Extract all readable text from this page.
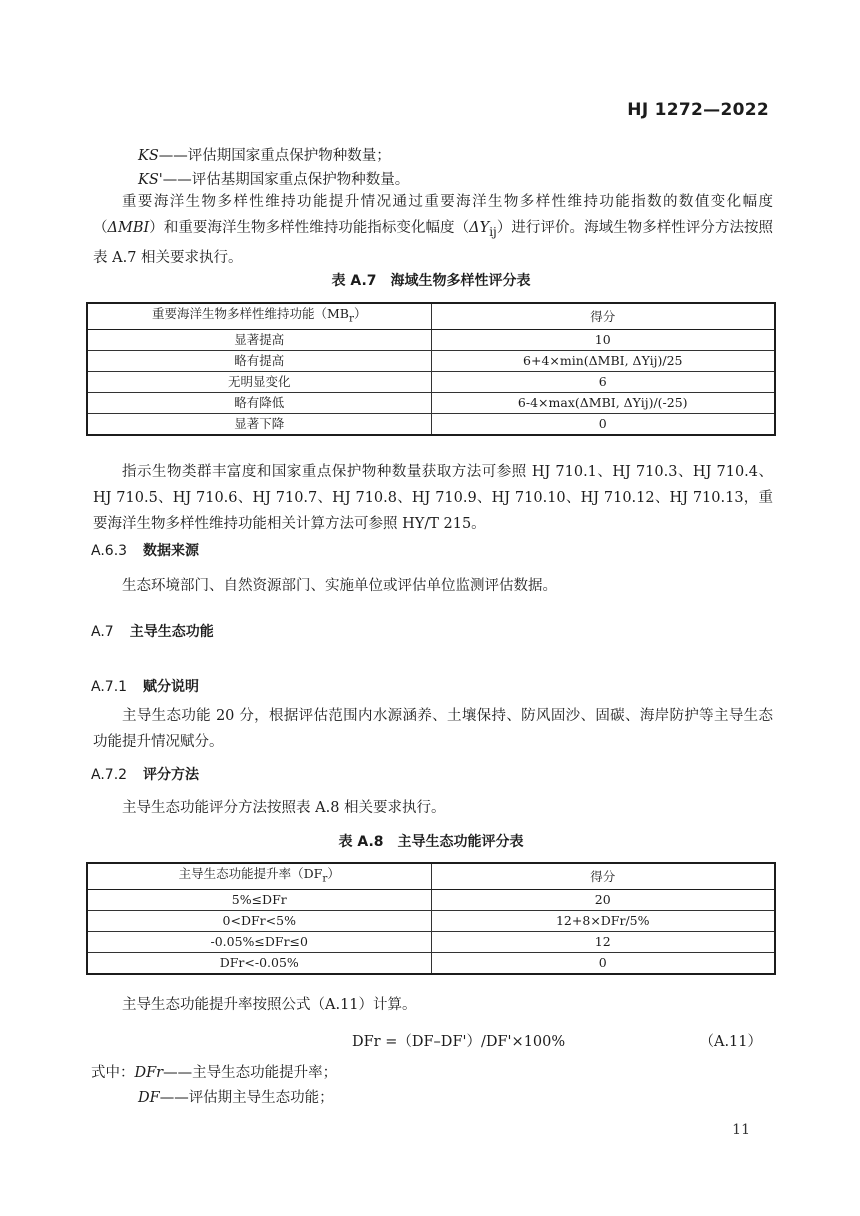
HJ 1272—2022
KS——评估期国家重点保护物种数量；
KS'——评估基期国家重点保护物种数量。
重要海洋生物多样性维持功能提升情况通过重要海洋生物多样性维持功能指数的数值变化幅度（ΔMBI）和重要海洋生物多样性维持功能指标变化幅度$(\Delta Y_{ij})$进行评价。海域生物多样性评分方法按照表 A.7 相关要求执行。
表 A.7 海域生物多样性评分表
重要海洋生物多样性维持功能$(MB_r)$	得分
显著提高	10
略有提高	6+4×min(ΔMBI, ΔYij)/25
无明显变化	6
略有降低	6-4×max(ΔMBI, ΔYij)/(-25)
显著下降	0
指示生物类群丰富度和国家重点保护物种数量获取方法可参照 HJ 710.1、HJ 710.3、HJ 710.4、HJ 710.5、HJ 710.6、HJ 710.7、HJ 710.8、HJ 710.9、HJ 710.10、HJ 710.12、HJ 710.13，重要海洋生物多样性维持功能相关计算方法可参照 HY/T 215。
A.6.3 数据来源
生态环境部门、自然资源部门、实施单位或评估单位监测评估数据。
A.7 主导生态功能
A.7.1 赋分说明
主导生态功能 20 分，根据评估范围内水源涵养、土壤保持、防风固沙、固碳、海岸防护等主导生态功能提升情况赋分。
A.7.2 评分方法
主导生态功能评分方法按照表 A.8 相关要求执行。
表 A.8 主导生态功能评分表
主导生态功能提升率$(DF_r)$	得分
5%≤DFr	20
0<DFr<5%	12+8×DFr/5%
-0.05%≤DFr≤0	12
DFr<-0.05%	0
主导生态功能提升率按照公式（A.11）计算。
DFr =（DF–DF'）/DF'×100%	（A.11）
式中：DFr——主导生态功能提升率；
DF——评估期主导生态功能；
11
